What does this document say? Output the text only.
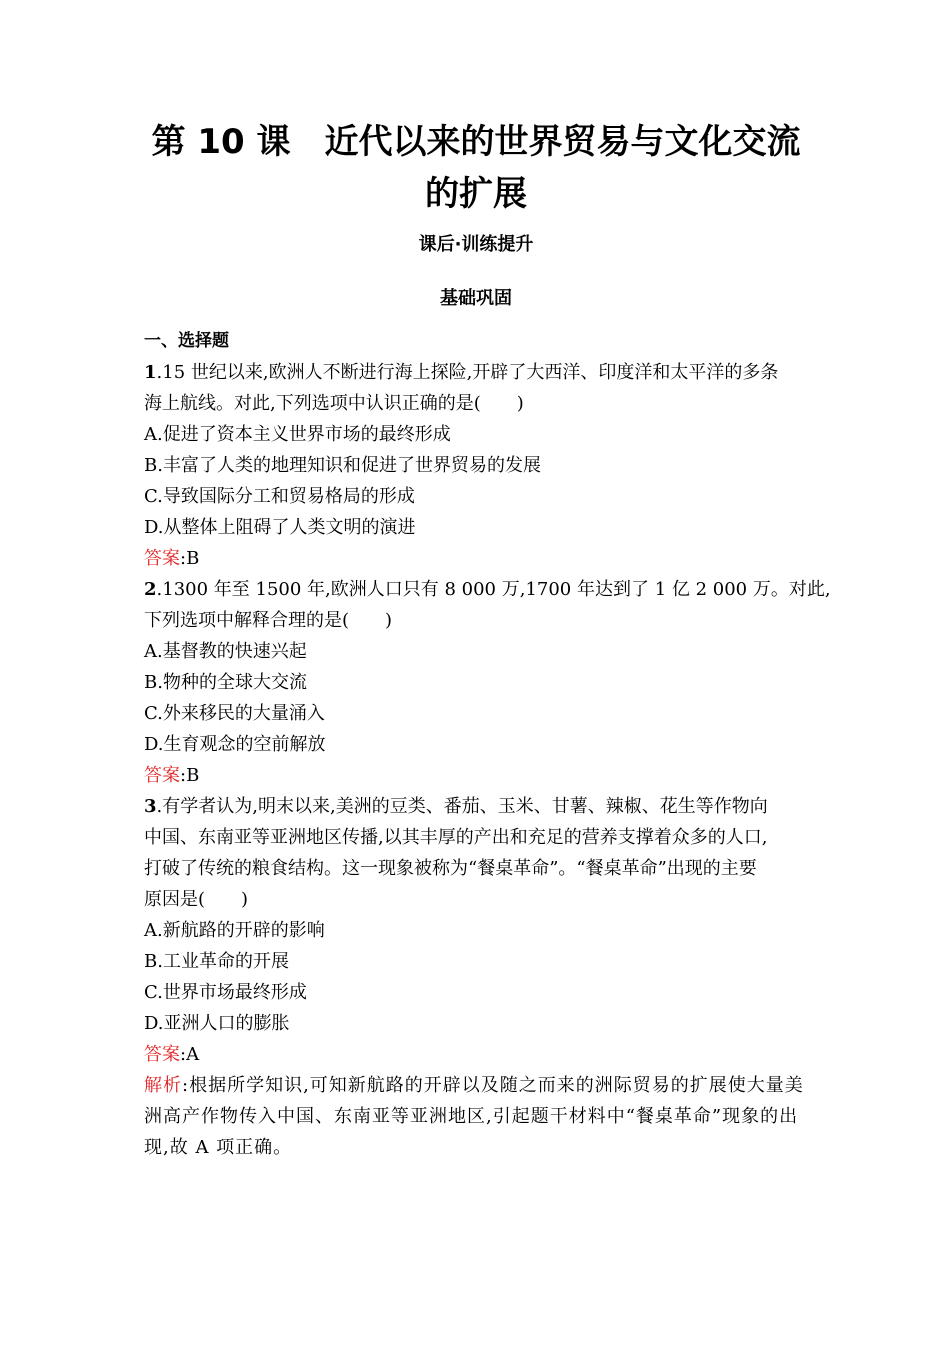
第 10 课　近代以来的世界贸易与文化交流
的扩展
课后·训练提升
基础巩固
一、选择题
1.15 世纪以来,欧洲人不断进行海上探险,开辟了大西洋、印度洋和太平洋的多条
海上航线。对此,下列选项中认识正确的是(　　)
A.促进了资本主义世界市场的最终形成
B.丰富了人类的地理知识和促进了世界贸易的发展
C.导致国际分工和贸易格局的形成
D.从整体上阻碍了人类文明的演进
答案:B
2.1300 年至 1500 年,欧洲人口只有 8 000 万,1700 年达到了 1 亿 2 000 万。对此,
下列选项中解释合理的是(　　)
A.基督教的快速兴起
B.物种的全球大交流
C.外来移民的大量涌入
D.生育观念的空前解放
答案:B
3.有学者认为,明末以来,美洲的豆类、番茄、玉米、甘薯、辣椒、花生等作物向
中国、东南亚等亚洲地区传播,以其丰厚的产出和充足的营养支撑着众多的人口,
打破了传统的粮食结构。这一现象被称为“餐桌革命”。“餐桌革命”出现的主要
原因是(　　)
A.新航路的开辟的影响
B.工业革命的开展
C.世界市场最终形成
D.亚洲人口的膨胀
答案:A
解析:根据所学知识,可知新航路的开辟以及随之而来的洲际贸易的扩展使大量美
洲高产作物传入中国、东南亚等亚洲地区,引起题干材料中“餐桌革命”现象的出
现,故 A 项正确。
